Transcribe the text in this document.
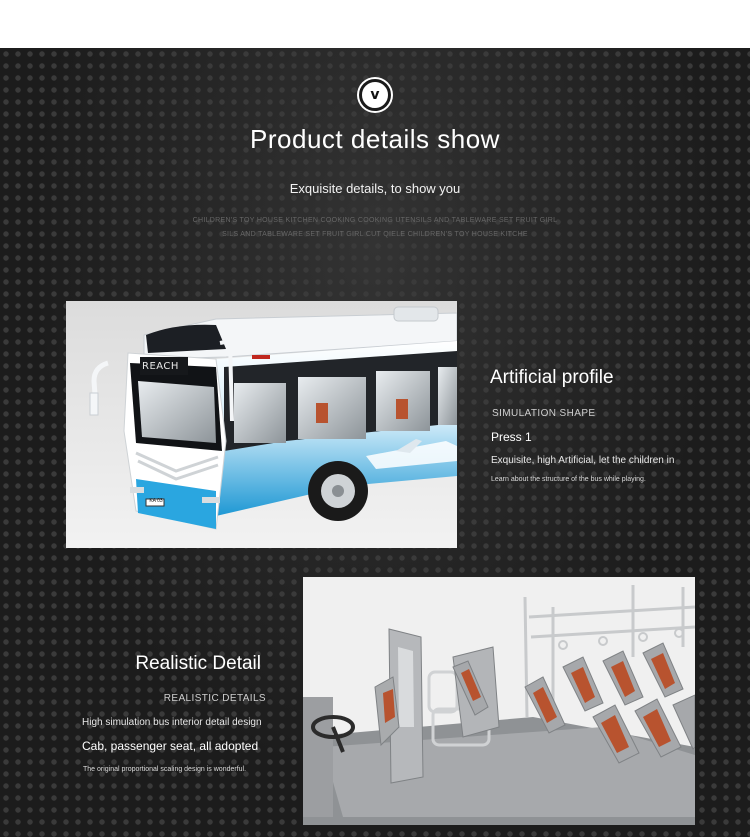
v
Product details show
Exquisite details, to show you
CHILDREN'S TOY HOUSE KITCHEN COOKING COOKING UTENSILS AND TABLEWARE SET FRUIT GIRL
SILS AND TABLEWARE SET FRUIT GIRL CUT QIELE CHILDREN'S TOY HOUSE KITCHE
REACH
KA 03
Artificial profile
SIMULATION SHAPE
Press 1
Exquisite, high Artificial, let the children in
Learn about the structure of the bus while playing.
Realistic Detail
REALISTIC DETAILS
High simulation bus interior detail design
Cab, passenger seat, all adopted
The original proportional scaling design is wonderful.
